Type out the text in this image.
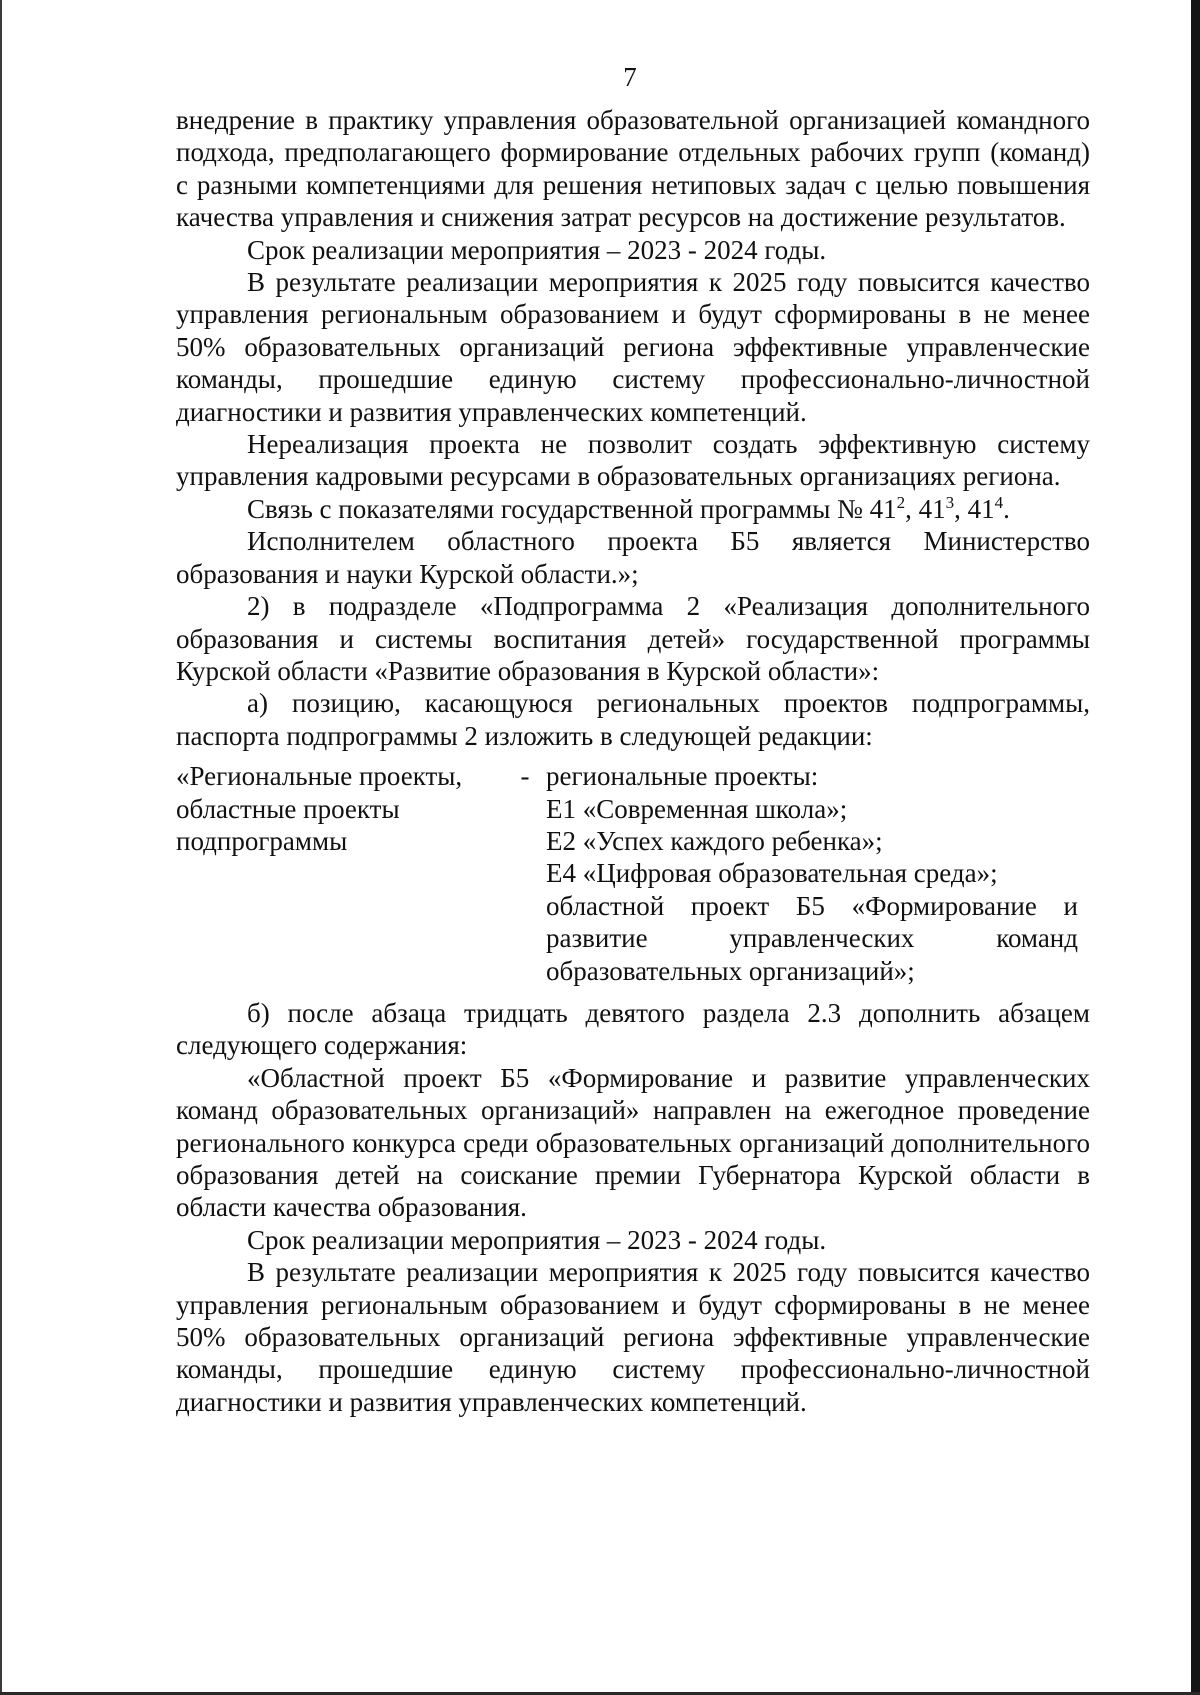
7

внедрение в практику управления образовательной организацией командного подхода, предполагающего формирование отдельных рабочих групп (команд) с разными компетенциями для решения нетиповых задач с целью повышения качества управления и снижения затрат ресурсов на достижение результатов.

Срок реализации мероприятия – 2023 - 2024 годы.

В результате реализации мероприятия к 2025 году повысится качество управления региональным образованием и будут сформированы в не менее 50% образовательных организаций региона эффективные управленческие команды, прошедшие единую систему профессионально-личностной диагностики и развития управленческих компетенций.

Нереализация проекта не позволит создать эффективную систему управления кадровыми ресурсами в образовательных организациях региона.

Связь с показателями государственной программы № $41^2$, $41^3$, $41^4$.

Исполнителем областного проекта Б5 является Министерство образования и науки Курской области.»;

2) в подразделе «Подпрограмма 2 «Реализация дополнительного образования и системы воспитания детей» государственной программы Курской области «Развитие образования в Курской области»:

а) позицию, касающуюся региональных проектов подпрограммы, паспорта подпрограммы 2 изложить в следующей редакции:

«Региональные проекты,
областные проекты
подпрограммы
- региональные проекты:
Е1 «Современная школа»;
Е2 «Успех каждого ребенка»;
Е4 «Цифровая образовательная среда»;
областной проект Б5 «Формирование и
развитие управленческих команд
образовательных организаций»;

б) после абзаца тридцать девятого раздела 2.3 дополнить абзацем следующего содержания:

«Областной проект Б5 «Формирование и развитие управленческих команд образовательных организаций» направлен на ежегодное проведение регионального конкурса среди образовательных организаций дополнительного образования детей на соискание премии Губернатора Курской области в области качества образования.

Срок реализации мероприятия – 2023 - 2024 годы.

В результате реализации мероприятия к 2025 году повысится качество управления региональным образованием и будут сформированы в не менее 50% образовательных организаций региона эффективные управленческие команды, прошедшие единую систему профессионально-личностной диагностики и развития управленческих компетенций.
